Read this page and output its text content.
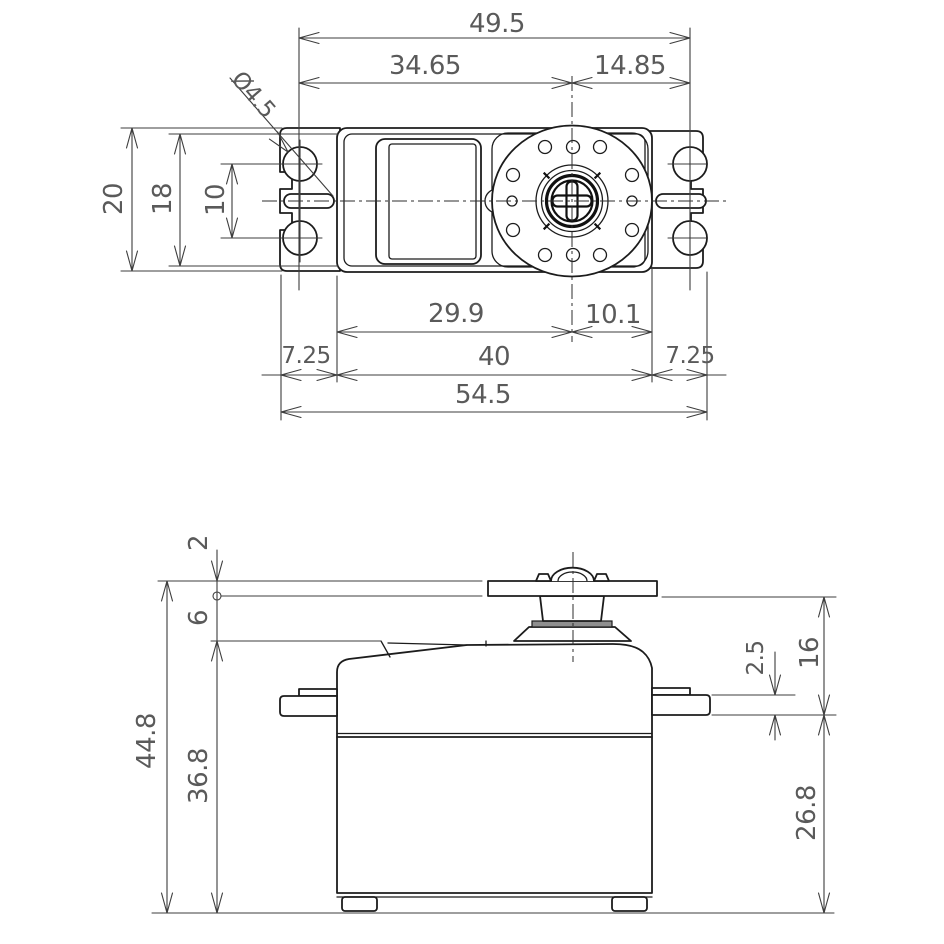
49.5
34.65	14.85
Ø4.5
20 18 10
29.9	10.1
7.25	40	7.25
54.5
2
6
44.8
36.8
2.5 16
26.8
